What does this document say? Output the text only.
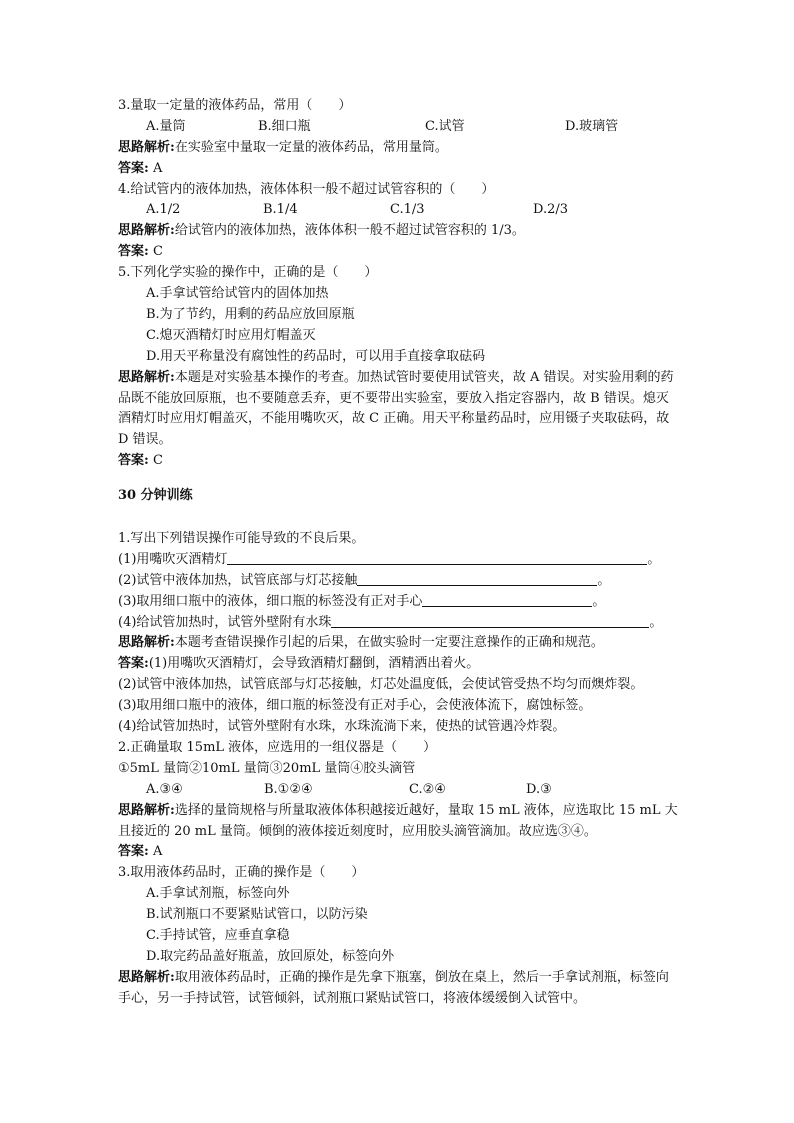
3.量取一定量的液体药品，常用（　　）
A.量筒	B.细口瓶	C.试管	D.玻璃管
思路解析:在实验室中量取一定量的液体药品，常用量筒。
答案: A
4.给试管内的液体加热，液体体积一般不超过试管容积的（　　）
A.1/2	B.1/4	C.1/3	D.2/3
思路解析:给试管内的液体加热，液体体积一般不超过试管容积的 1/3。
答案: C
5.下列化学实验的操作中，正确的是（　　）
A.手拿试管给试管内的固体加热
B.为了节约，用剩的药品应放回原瓶
C.熄灭酒精灯时应用灯帽盖灭
D.用天平称量没有腐蚀性的药品时，可以用手直接拿取砝码
思路解析:本题是对实验基本操作的考查。加热试管时要使用试管夹，故 A 错误。对实验用剩的药品既不能放回原瓶，也不要随意丢弃，更不要带出实验室，要放入指定容器内，故 B 错误。熄灭酒精灯时应用灯帽盖灭，不能用嘴吹灭，故 C 正确。用天平称量药品时，应用镊子夹取砝码，故 D 错误。
答案: C
30 分钟训练
1.写出下列错误操作可能导致的不良后果。
(1)用嘴吹灭酒精灯	。
(2)试管中液体加热，试管底部与灯芯接触	。
(3)取用细口瓶中的液体，细口瓶的标签没有正对手心	。
(4)给试管加热时，试管外壁附有水珠	。
思路解析:本题考查错误操作引起的后果，在做实验时一定要注意操作的正确和规范。
答案:(1)用嘴吹灭酒精灯，会导致酒精灯翻倒，酒精洒出着火。
(2)试管中液体加热，试管底部与灯芯接触，灯芯处温度低，会使试管受热不均匀而燠炸裂。
(3)取用细口瓶中的液体，细口瓶的标签没有正对手心，会使液体流下，腐蚀标签。
(4)给试管加热时，试管外壁附有水珠，水珠流淌下来，使热的试管遇冷炸裂。
2.正确量取 15mL 液体，应选用的一组仪器是（　　）
①5mL 量筒②10mL 量筒③20mL 量筒④胶头滴管
A.③④	B.①②④	C.②④	D.③
思路解析:选择的量筒规格与所量取液体体积越接近越好，量取 15 mL 液体，应选取比 15 mL 大且接近的 20 mL 量筒。倾倒的液体接近刻度时，应用胶头滴管滴加。故应选③④。
答案: A
3.取用液体药品时，正确的操作是（　　）
A.手拿试剂瓶，标签向外
B.试剂瓶口不要紧贴试管口，以防污染
C.手持试管，应垂直拿稳
D.取完药品盖好瓶盖，放回原处，标签向外
思路解析:取用液体药品时，正确的操作是先拿下瓶塞，倒放在桌上，然后一手拿试剂瓶，标签向手心，另一手持试管，试管倾斜，试剂瓶口紧贴试管口，将液体缓缓倒入试管中。
